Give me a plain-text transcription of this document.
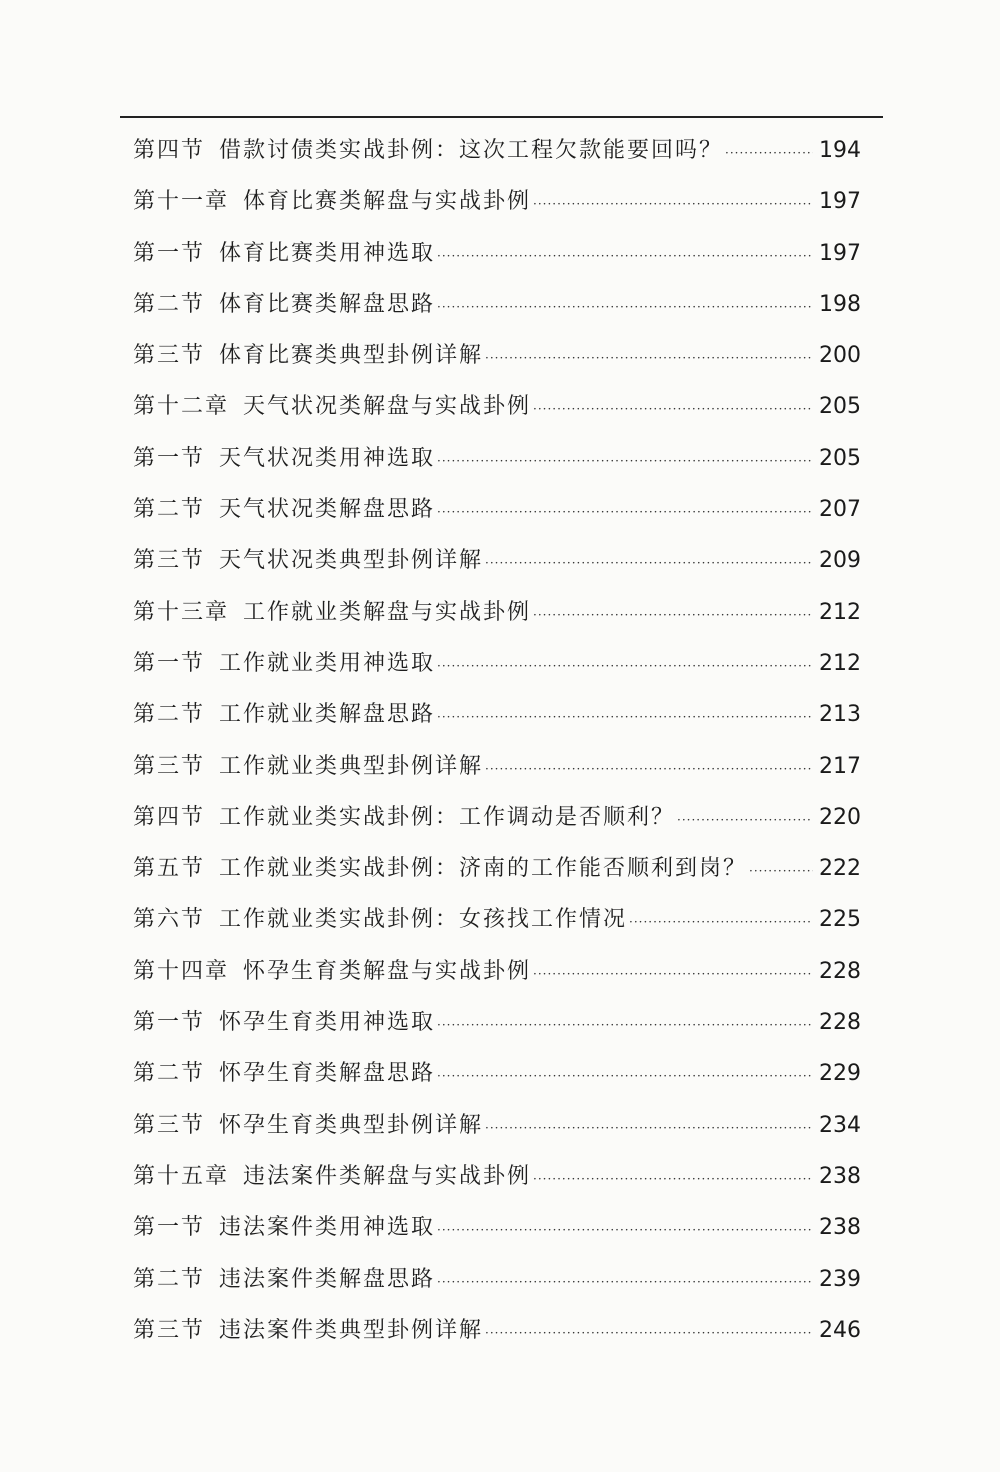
第四节 借款讨债类实战卦例：这次工程欠款能要回吗？ ·····	194
第十一章 体育比赛类解盘与实战卦例 ·····	197
第一节 体育比赛类用神选取 ·····	197
第二节 体育比赛类解盘思路 ·····	198
第三节 体育比赛类典型卦例详解 ·····	200
第十二章 天气状况类解盘与实战卦例 ·····	205
第一节 天气状况类用神选取 ·····	205
第二节 天气状况类解盘思路 ·····	207
第三节 天气状况类典型卦例详解 ·····	209
第十三章 工作就业类解盘与实战卦例 ·····	212
第一节 工作就业类用神选取 ·····	212
第二节 工作就业类解盘思路 ·····	213
第三节 工作就业类典型卦例详解 ·····	217
第四节 工作就业类实战卦例：工作调动是否顺利？ ·····	220
第五节 工作就业类实战卦例：济南的工作能否顺利到岗？ ·····	222
第六节 工作就业类实战卦例：女孩找工作情况 ·····	225
第十四章 怀孕生育类解盘与实战卦例 ·····	228
第一节 怀孕生育类用神选取 ·····	228
第二节 怀孕生育类解盘思路 ·····	229
第三节 怀孕生育类典型卦例详解 ·····	234
第十五章 违法案件类解盘与实战卦例 ·····	238
第一节 违法案件类用神选取 ·····	238
第二节 违法案件类解盘思路 ·····	239
第三节 违法案件类典型卦例详解 ·····	246
